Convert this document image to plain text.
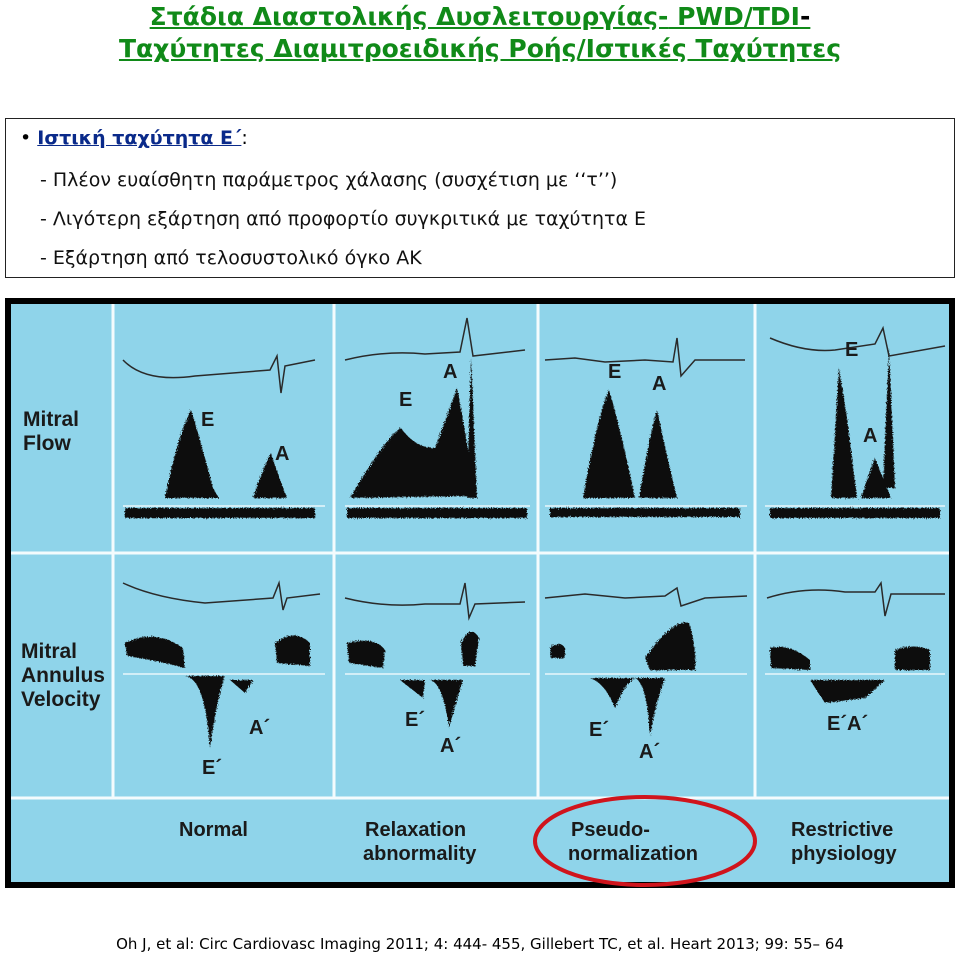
Στάδια Διαστολικής Δυσλειτουργίας- PWD/TDI-
Ταχύτητες Διαμιτροειδικής Ροής/Ιστικές Ταχύτητες
• Ιστική ταχύτητα Ε΄:
- Πλέον ευαίσθητη παράμετρος χάλασης (συσχέτιση με ‘‘τ’’)
- Λιγότερη εξάρτηση από προφορτίο συγκριτικά με ταχύτητα Ε
- Εξάρτηση από τελοσυστολικό όγκο ΑΚ
E
A
E
A	E
A
E
A
A´
E´
E´
A´
E´
A´
E´A´
Mitral
Flow
Mitral
Annulus
Velocity
Normal	Relaxation
abnormality
Pseudo-
normalization
Restrictive
physiology
Oh J, et al: Circ Cardiovasc Imaging 2011; 4: 444- 455, Gillebert TC, et al. Heart 2013; 99: 55– 64
